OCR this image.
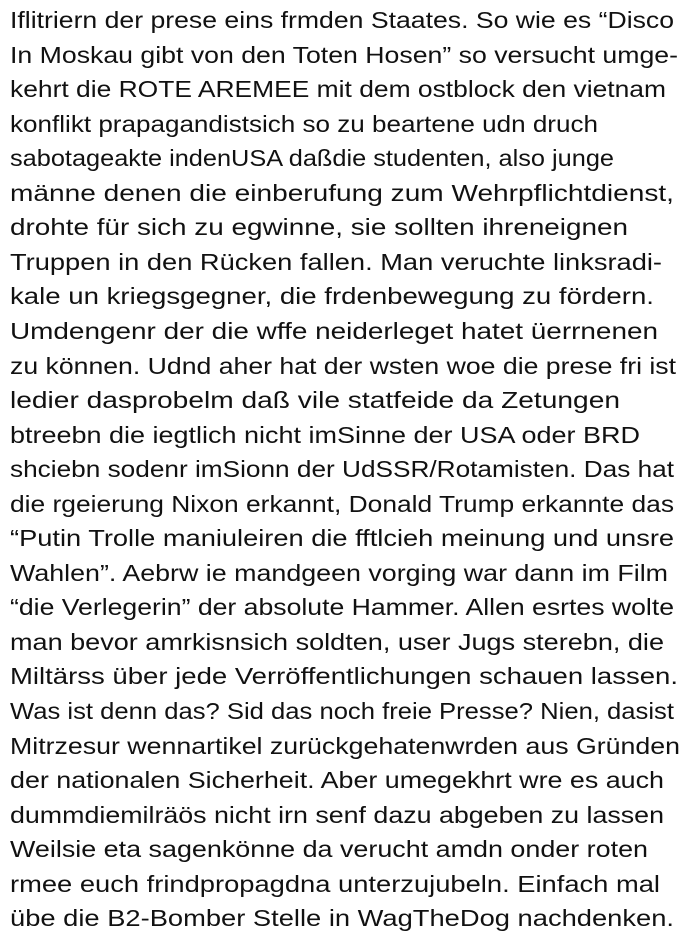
Iflitriern der prese eins frmden Staates. So wie es “Disco
In Moskau gibt von den Toten Hosen” so versucht umge-
kehrt die ROTE AREMEE mit dem ostblock den vietnam
konflikt prapagandistsich so zu beartene udn druch
sabotageakte indenUSA daßdie studenten, also junge
männe denen die einberufung zum Wehrpflichtdienst,
drohte für sich zu egwinne, sie sollten ihreneignen
Truppen in den Rücken fallen. Man veruchte linksradi-
kale un kriegsgegner, die frdenbewegung zu fördern.
Umdengenr der die wffe neiderleget hatet üerrnenen
zu können. Udnd aher hat der wsten woe die prese fri ist
ledier dasprobelm daß vile statfeide da Zetungen
btreebn die iegtlich nicht imSinne der USA oder BRD
shciebn sodenr imSionn der UdSSR/Rotamisten. Das hat
die rgeierung Nixon erkannt, Donald Trump erkannte das
“Putin Trolle maniuleiren die fftlcieh meinung und unsre
Wahlen”. Aebrw ie mandgeen vorging war dann im Film
“die Verlegerin” der absolute Hammer. Allen esrtes wolte
man bevor amrkisnsich soldten, user Jugs sterebn, die
Miltärss über jede Verröffentlichungen schauen lassen.
Was ist denn das? Sid das noch freie Presse? Nien, dasist
Mitrzesur wennartikel zurückgehatenwrden aus Gründen
der nationalen Sicherheit. Aber umegekhrt wre es auch
dummdiemilräös nicht irn senf dazu abgeben zu lassen
Weilsie eta sagenkönne da verucht amdn onder roten
rmee euch frindpropagdna unterzujubeln. Einfach mal
übe die B2-Bomber Stelle in WagTheDog nachdenken.
